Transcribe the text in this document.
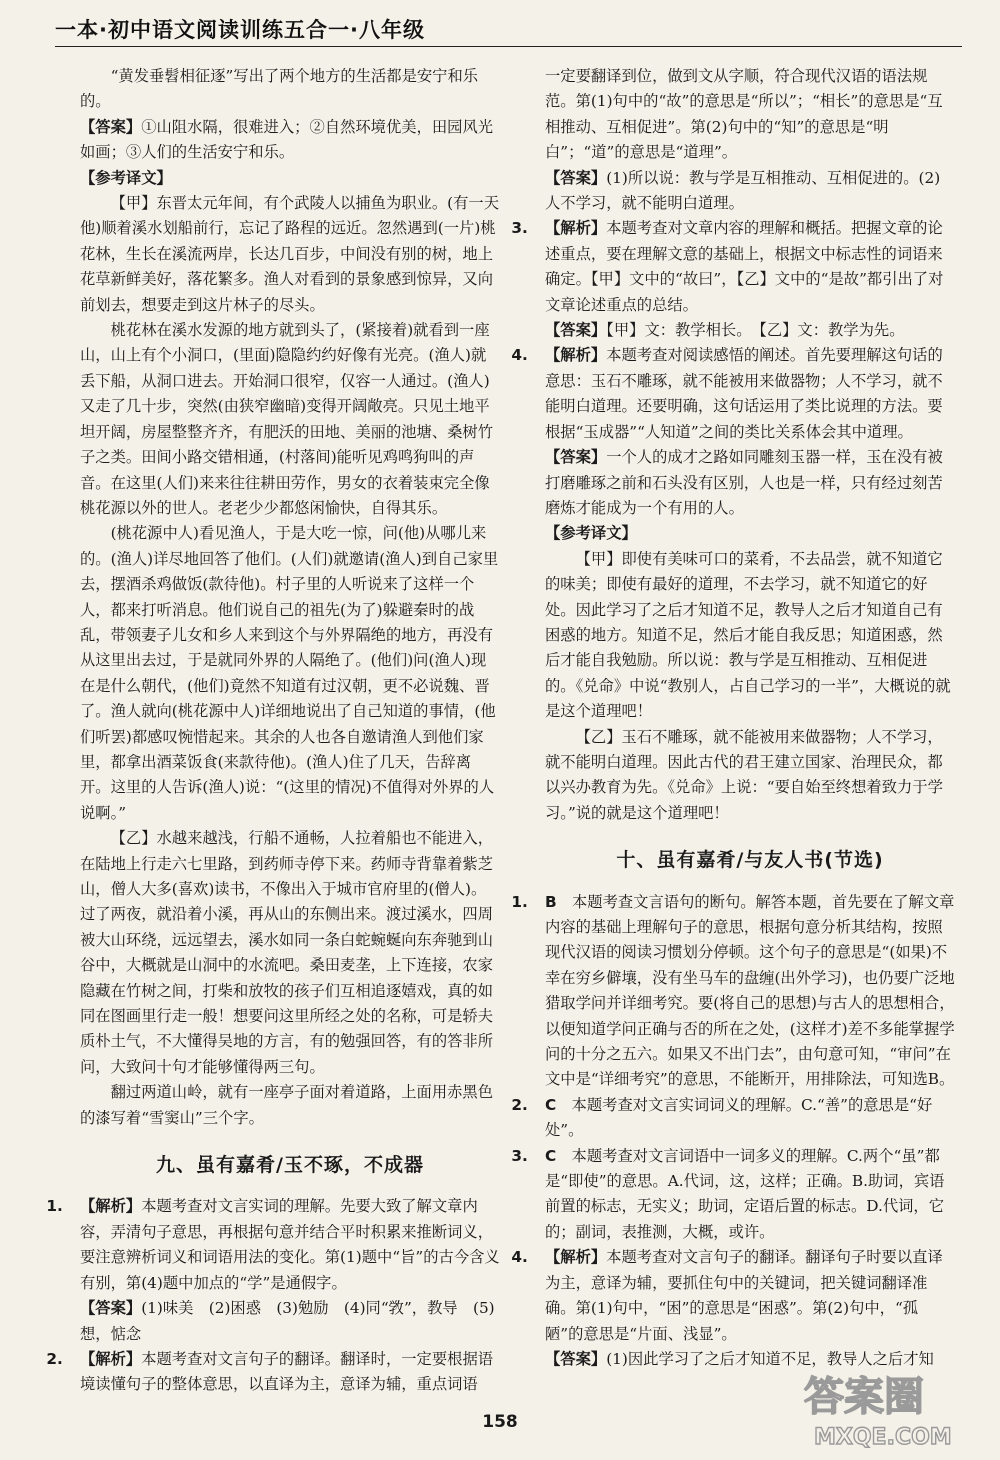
一本·初中语文阅读训练五合一·八年级

“黄发垂髫相征逐”写出了两个地方的生活都是安宁和乐的。

【答案】①山阻水隔，很难进入；②自然环境优美，田园风光如画；③人们的生活安宁和乐。

【参考译文】

【甲】东晋太元年间，有个武陵人以捕鱼为职业。(有一天他)顺着溪水划船前行，忘记了路程的远近。忽然遇到(一片)桃花林，生长在溪流两岸，长达几百步，中间没有别的树，地上花草新鲜美好，落花繁多。渔人对看到的景象感到惊异，又向前划去，想要走到这片林子的尽头。

桃花林在溪水发源的地方就到头了，(紧接着)就看到一座山，山上有个小洞口，(里面)隐隐约约好像有光亮。(渔人)就丢下船，从洞口进去。开始洞口很窄，仅容一人通过。(渔人)又走了几十步，突然(由狭窄幽暗)变得开阔敞亮。只见土地平坦开阔，房屋整整齐齐，有肥沃的田地、美丽的池塘、桑树竹子之类。田间小路交错相通，(村落间)能听见鸡鸣狗叫的声音。在这里(人们)来来往往耕田劳作，男女的衣着装束完全像桃花源以外的世人。老老少少都悠闲愉快，自得其乐。

(桃花源中人)看见渔人，于是大吃一惊，问(他)从哪儿来的。(渔人)详尽地回答了他们。(人们)就邀请(渔人)到自己家里去，摆酒杀鸡做饭(款待他)。村子里的人听说来了这样一个人，都来打听消息。他们说自己的祖先(为了)躲避秦时的战乱，带领妻子儿女和乡人来到这个与外界隔绝的地方，再没有从这里出去过，于是就同外界的人隔绝了。(他们)问(渔人)现在是什么朝代，(他们)竟然不知道有过汉朝，更不必说魏、晋了。渔人就向(桃花源中人)详细地说出了自己知道的事情，(他们听罢)都感叹惋惜起来。其余的人也各自邀请渔人到他们家里，都拿出酒菜饭食(来款待他)。(渔人)住了几天，告辞离开。这里的人告诉(渔人)说：“(这里的情况)不值得对外界的人说啊。”

【乙】水越来越浅，行船不通畅，人拉着船也不能进入，在陆地上行走六七里路，到药师寺停下来。药师寺背靠着紫芝山，僧人大多(喜欢)读书，不像出入于城市官府里的(僧人)。过了两夜，就沿着小溪，再从山的东侧出来。渡过溪水，四周被大山环绕，远远望去，溪水如同一条白蛇蜿蜒向东奔驰到山谷中，大概就是山洞中的水流吧。桑田麦垄，上下连接，农家隐藏在竹树之间，打柴和放牧的孩子们互相追逐嬉戏，真的如同在图画里行走一般！想要问这里所经之处的名称，可是轿夫质朴土气，不大懂得吴地的方言，有的勉强回答，有的答非所问，大致问十句才能够懂得两三句。

翻过两道山岭，就有一座亭子面对着道路，上面用赤黑色的漆写着“雪窦山”三个字。

九、虽有嘉肴/玉不琢，不成器

1. 【解析】本题考查对文言实词的理解。先要大致了解文章内容，弄清句子意思，再根据句意并结合平时积累来推断词义，要注意辨析词义和词语用法的变化。第(1)题中“旨”的古今含义有别，第(4)题中加点的“学”是通假字。

【答案】(1)味美　(2)困惑　(3)勉励　(4)同“敩”，教导　(5)想，惦念

2. 【解析】本题考查对文言句子的翻译。翻译时，一定要根据语境读懂句子的整体意思，以直译为主，意译为辅，重点词语

一定要翻译到位，做到文从字顺，符合现代汉语的语法规范。第(1)句中的“故”的意思是“所以”；“相长”的意思是“互相推动、互相促进”。第(2)句中的“知”的意思是“明白”；“道”的意思是“道理”。

【答案】(1)所以说：教与学是互相推动、互相促进的。(2)人不学习，就不能明白道理。

3. 【解析】本题考查对文章内容的理解和概括。把握文章的论述重点，要在理解文意的基础上，根据文中标志性的词语来确定。【甲】文中的“故曰”，【乙】文中的“是故”都引出了对文章论述重点的总结。

【答案】【甲】文：教学相长。　【乙】文：教学为先。

4. 【解析】本题考查对阅读感悟的阐述。首先要理解这句话的意思：玉石不雕琢，就不能被用来做器物；人不学习，就不能明白道理。还要明确，这句话运用了类比说理的方法。要根据“玉成器”“人知道”之间的类比关系体会其中道理。

【答案】一个人的成才之路如同雕刻玉器一样，玉在没有被打磨雕琢之前和石头没有区别，人也是一样，只有经过刻苦磨炼才能成为一个有用的人。

【参考译文】

【甲】即使有美味可口的菜肴，不去品尝，就不知道它的味美；即使有最好的道理，不去学习，就不知道它的好处。因此学习了之后才知道不足，教导人之后才知道自己有困惑的地方。知道不足，然后才能自我反思；知道困惑，然后才能自我勉励。所以说：教与学是互相推动、互相促进的。《兑命》中说“教别人，占自己学习的一半”，大概说的就是这个道理吧！

【乙】玉石不雕琢，就不能被用来做器物；人不学习，就不能明白道理。因此古代的君王建立国家、治理民众，都以兴办教育为先。《兑命》上说：“要自始至终想着致力于学习。”说的就是这个道理吧！

十、虽有嘉肴/与友人书(节选)

1. B　 本题考查文言语句的断句。解答本题，首先要在了解文章内容的基础上理解句子的意思，根据句意分析其结构，按照现代汉语的阅读习惯划分停顿。这个句子的意思是“(如果)不幸在穷乡僻壤，没有坐马车的盘缠(出外学习)，也仍要广泛地猎取学问并详细考究。要(将自己的思想)与古人的思想相合，以便知道学问正确与否的所在之处，(这样才)差不多能掌握学问的十分之五六。如果又不出门去”，由句意可知，“审问”在文中是“详细考究”的意思，不能断开，用排除法，可知选B。

2. C　 本题考查对文言实词词义的理解。C.“善”的意思是“好处”。

3. C　 本题考查对文言词语中一词多义的理解。C.两个“虽”都是“即使”的意思。A.代词，这，这样；正确。B.助词，宾语前置的标志，无实义；助词，定语后置的标志。D.代词，它的；副词，表推测，大概，或许。

4. 【解析】本题考查对文言句子的翻译。翻译句子时要以直译为主，意译为辅，要抓住句中的关键词，把关键词翻译准确。第(1)句中，“困”的意思是“困惑”。第(2)句中，“孤陋”的意思是“片面、浅显”。

【答案】(1)因此学习了之后才知道不足，教导人之后才知

158
答案圈
MXQE.COM
